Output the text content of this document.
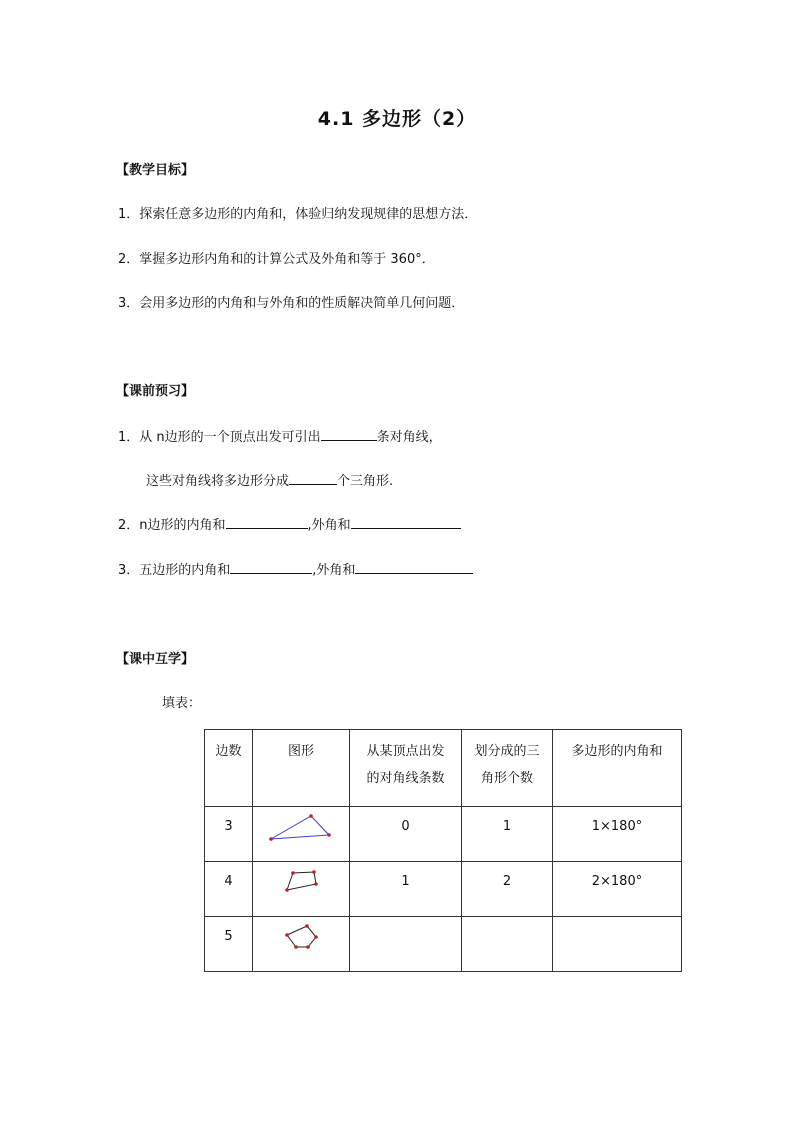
4.1 多边形（2）
【教学目标】
1．探索任意多边形的内角和，体验归纳发现规律的思想方法．
2．掌握多边形内角和的计算公式及外角和等于 360°．
3．会用多边形的内角和与外角和的性质解决简单几何问题．
【课前预习】
1．从 n边形的一个顶点出发可引出	条对角线，
这些对角线将多边形分成	个三角形.
2．n边形的内角和	,外角和
3．五边形的内角和	,外角和
【课中互学】
填表：
边数	图形	从某顶点出发的对角线条数	划分成的三角形个数	多边形的内角和

3		0	1	1×180°

4		1	2	2×180°

5
